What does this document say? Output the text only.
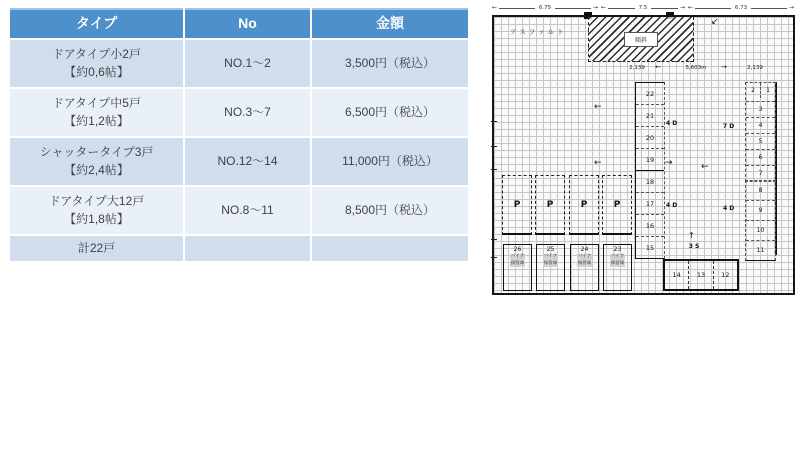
タイプ	No	金額
ドアタイプ小2戸
【約0,6帖】
NO.1～2	3,500円（税込）
ドアタイプ中5戸
【約1,2帖】
NO.3～7	6,500円（税込）
シャッタータイプ3戸
【約2,4帖】
NO.12～14	11,000円（税込）
ドアタイプ大12戸
【約1,8帖】
NO.8～11	8,500円（税込）
計22戸
←	6.75	→ ←	7.5	→ ←	6.73	→
アスファルト
傾斜
↙
2,139	←	5,603m	→	2,139
22
21
20
19
18
17
16
15
4 D
4 D
←
←	→
2	1
3
4
5
6
7
8
9
10
11
7 D
4 D
←
↑
3 S
14	13	12
P	P	P	P
26
バイク
保管庫
25
バイク
保管庫
24
バイク
保管庫
23
バイク
保管庫
